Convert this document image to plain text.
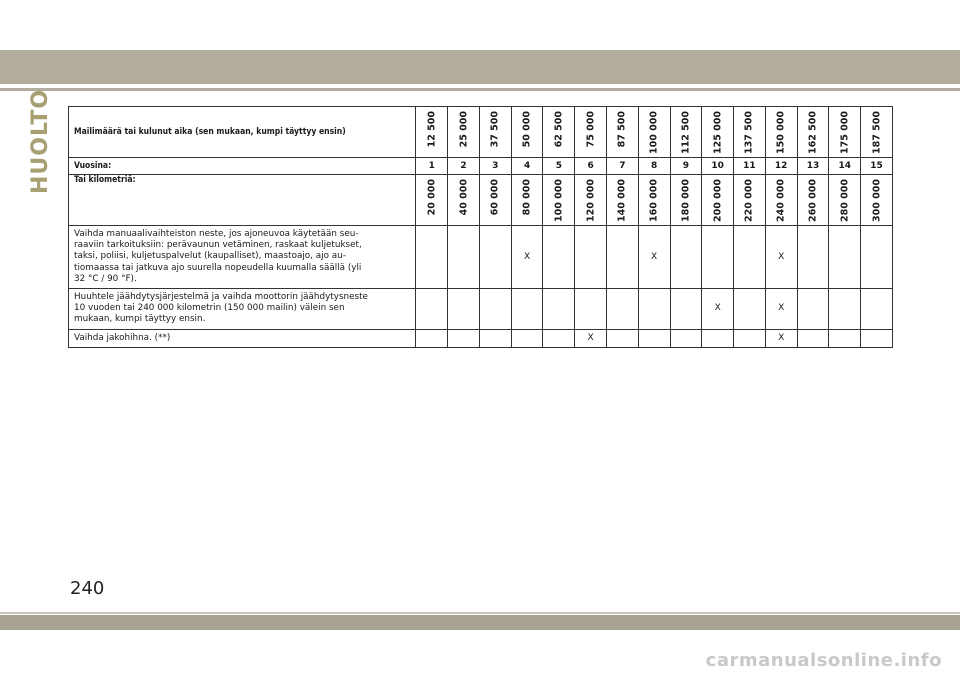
HUOLTO Mailimäärä tai kulunut aika (sen mukaan, kumpi täyttyy ensin)	12 500	25 000	37 500	50 000	62 500	75 000	87 500	100 000	112 500	125 000	137 500	150 000	162 500	175 000	187 500

Vuosina:	1	2	3	4	5	6	7	8	9	10	11	12	13	14	15
Tai kilometriä:	20 000	40 000	60 000	80 000	100 000	120 000	140 000	160 000	180 000	200 000	220 000	240 000	260 000	280 000	300 000

Vaihda manuaalivaihteiston neste, jos ajoneuvoa käytetään seu-
raaviin tarkoituksiin: perävaunun vetäminen, raskaat kuljetukset,
taksi, poliisi, kuljetuspalvelut (kaupalliset), maastoajo, ajo au-
tiomaassa tai jatkuva ajo suurella nopeudella kuumalla säällä (yli
32 °C / 90 °F).				X				X				X			
Huuhtele jäähdytysjärjestelmä ja vaihda moottorin jäähdytysneste
10 vuoden tai 240 000 kilometrin (150 000 mailin) välein sen
mukaan, kumpi täyttyy ensin.										X		X			
Vaihda jakohihna. (**)						X						X			
240
carmanualsonline.info
